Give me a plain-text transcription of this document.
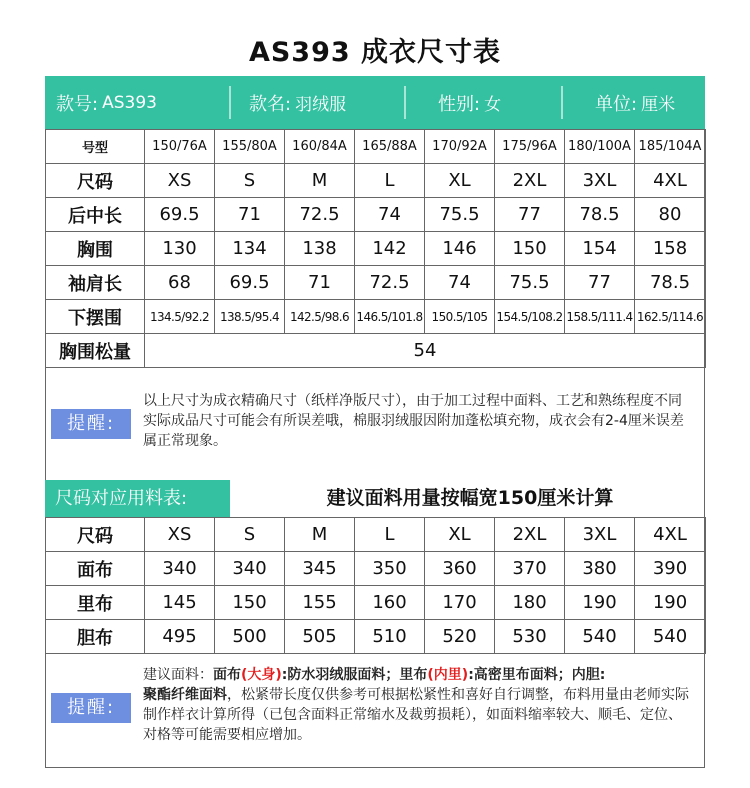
AS393 成衣尺寸表
款号: AS393	款名: 羽绒服	性别: 女	单位: 厘米
号型	150/76A	155/80A	160/84A	165/88A	170/92A	175/96A	180/100A	185/104A
尺码	XS	S	M	L	XL	2XL	3XL	4XL
后中长	69.5	71	72.5	74	75.5	77	78.5	80
胸围	130	134	138	142	146	150	154	158
袖肩长	68	69.5	71	72.5	74	75.5	77	78.5
下摆围	134.5/92.2	138.5/95.4	142.5/98.6	146.5/101.8	150.5/105	154.5/108.2	158.5/111.4	162.5/114.6
胸围松量	54							
提醒:
以上尺寸为成衣精确尺寸（纸样净版尺寸），由于加工过程中面料、工艺和熟练程度不同实际成品尺寸可能会有所误差哦，棉服羽绒服因附加蓬松填充物，成衣会有2-4厘米误差属正常现象。
尺码对应用料表:	建议面料用量按幅宽150厘米计算
尺码	XS	S	M	L	XL	2XL	3XL	4XL
面布	340	340	345	350	360	370	380	390
里布	145	150	155	160	170	180	190	190
胆布	495	500	505	510	520	530	540	540
提醒:
建议面料：面布(大身):防水羽绒服面料；里布(内里):高密里布面料；内胆:
聚酯纤维面料，松紧带长度仅供参考可根据松紧性和喜好自行调整，布料用量由老师实际制作样衣计算所得（已包含面料正常缩水及裁剪损耗），如面料缩率较大、顺毛、定位、对格等可能需要相应增加。
